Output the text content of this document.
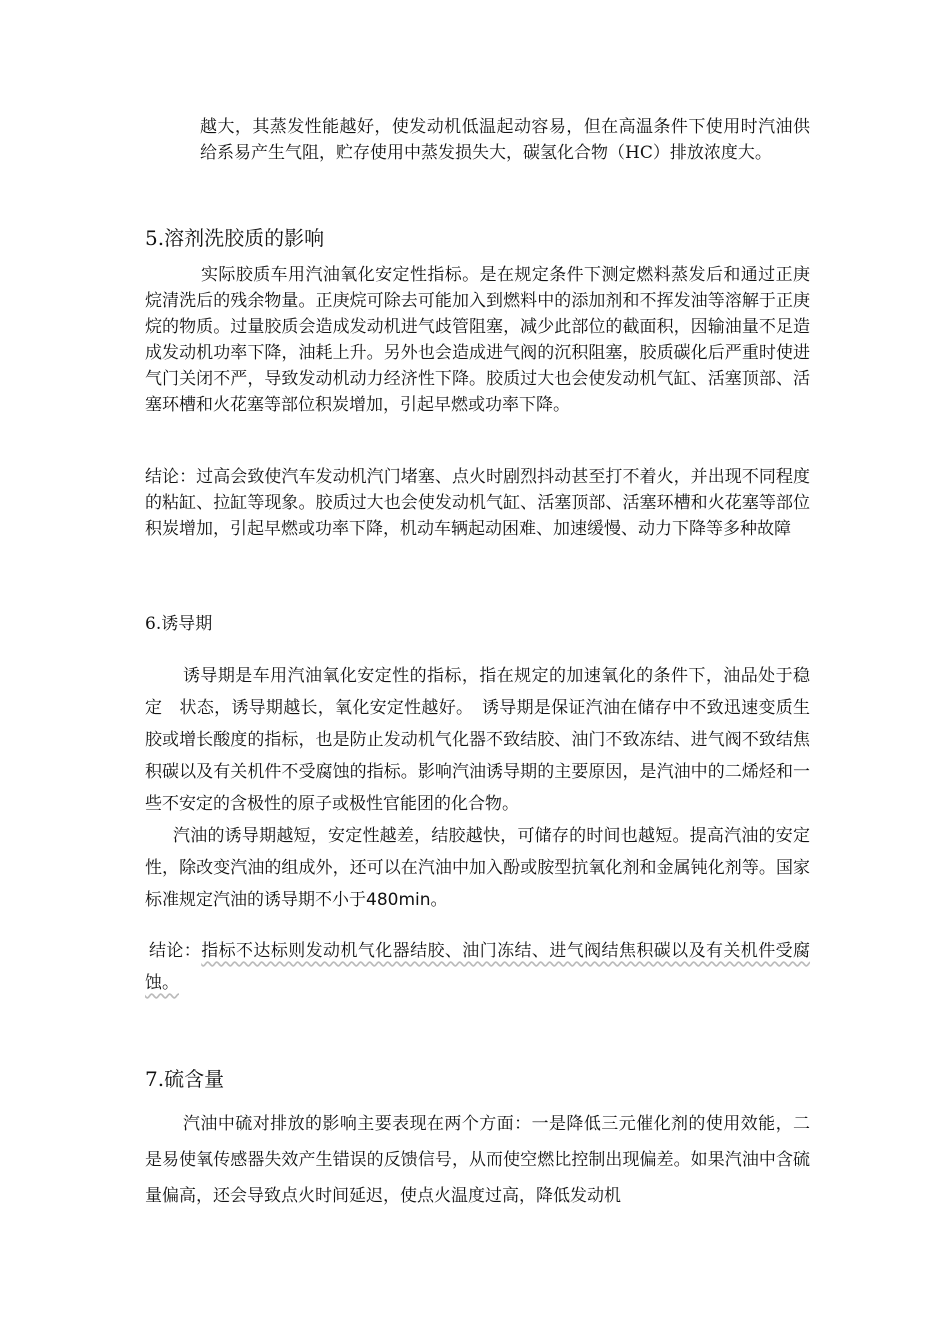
越大，其蒸发性能越好，使发动机低温起动容易，但在高温条件下使用时汽油供给系易产生气阻，贮存使用中蒸发损失大，碳氢化合物（HC）排放浓度大。

5.溶剂洗胶质的影响

实际胶质车用汽油氧化安定性指标。是在规定条件下测定燃料蒸发后和通过正庚烷清洗后的残余物量。正庚烷可除去可能加入到燃料中的添加剂和不挥发油等溶解于正庚烷的物质。过量胶质会造成发动机进气歧管阻塞，减少此部位的截面积，因输油量不足造成发动机功率下降，油耗上升。另外也会造成进气阀的沉积阻塞，胶质碳化后严重时使进气门关闭不严，导致发动机动力经济性下降。胶质过大也会使发动机气缸、活塞顶部、活塞环槽和火花塞等部位积炭增加，引起早燃或功率下降。

结论：过高会致使汽车发动机汽门堵塞、点火时剧烈抖动甚至打不着火，并出现不同程度的粘缸、拉缸等现象。胶质过大也会使发动机气缸、活塞顶部、活塞环槽和火花塞等部位积炭增加，引起早燃或功率下降，机动车辆起动困难、加速缓慢、动力下降等多种故障

6.诱导期

诱导期是车用汽油氧化安定性的指标，指在规定的加速氧化的条件下，油品处于稳定　状态，诱导期越长，氧化安定性越好。　诱导期是保证汽油在储存中不致迅速变质生胶或增长酸度的指标，也是防止发动机气化器不致结胶、油门不致冻结、进气阀不致结焦积碳以及有关机件不受腐蚀的指标。影响汽油诱导期的主要原因，是汽油中的二烯烃和一些不安定的含极性的原子或极性官能团的化合物。

汽油的诱导期越短，安定性越差，结胶越快，可储存的时间也越短。提高汽油的安定性，除改变汽油的组成外，还可以在汽油中加入酚或胺型抗氧化剂和金属钝化剂等。国家标准规定汽油的诱导期不小于480min。

结论：指标不达标则发动机气化器结胶、油门冻结、进气阀结焦积碳以及有关机件受腐蚀。

7.硫含量

汽油中硫对排放的影响主要表现在两个方面：一是降低三元催化剂的使用效能，二是易使氧传感器失效产生错误的反馈信号，从而使空燃比控制出现偏差。如果汽油中含硫量偏高，还会导致点火时间延迟，使点火温度过高，降低发动机
